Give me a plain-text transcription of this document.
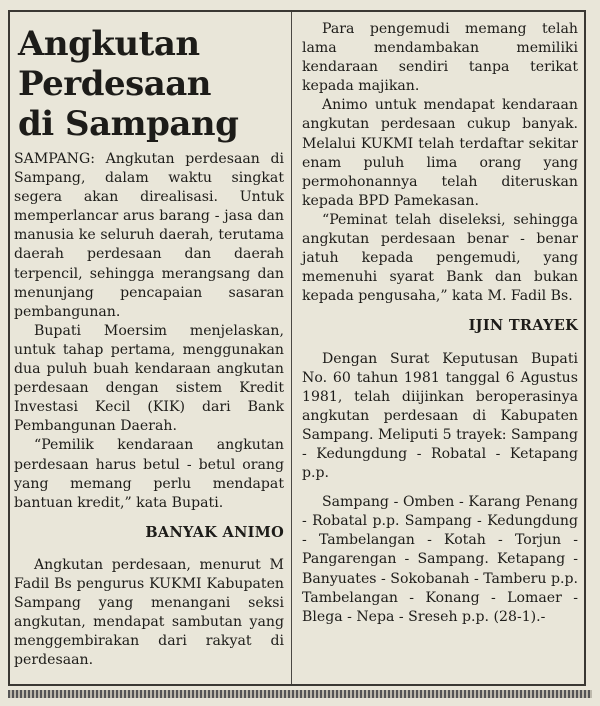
Angkutan
Perdesaan
di Sampang

SAMPANG: Angkutan perdesaan di Sampang, dalam waktu singkat segera akan direalisasi. Untuk memperlancar arus barang - jasa dan manusia ke seluruh daerah, terutama daerah perdesaan dan daerah terpencil, sehingga merangsang dan menunjang pencapaian sasaran pembangunan.

Bupati Moersim menjelaskan, untuk tahap pertama, menggunakan dua puluh buah kendaraan angkutan perdesaan dengan sistem Kredit Investasi Kecil (KIK) dari Bank Pembangunan Daerah.

“Pemilik kendaraan angkutan perdesaan harus betul - betul orang yang memang perlu mendapat bantuan kredit,” kata Bupati.

BANYAK ANIMO

Angkutan perdesaan, menurut M Fadil Bs pengurus KUKMI Kabupaten Sampang yang menangani seksi angkutan, mendapat sambutan yang menggembirakan dari rakyat di perdesaan.

Para pengemudi memang telah lama mendambakan memiliki kendaraan sendiri tanpa terikat kepada majikan.

Animo untuk mendapat kendaraan angkutan perdesaan cukup banyak. Melalui KUKMI telah terdaftar sekitar enam puluh lima orang yang permohonannya telah diteruskan kepada BPD Pamekasan.

“Peminat telah diseleksi, sehingga angkutan perdesaan benar - benar jatuh kepada pengemudi, yang memenuhi syarat Bank dan bukan kepada pengusaha,” kata M. Fadil Bs.

IJIN TRAYEK

Dengan Surat Keputusan Bupati No. 60 tahun 1981 tanggal 6 Agustus 1981, telah diijinkan beroperasinya angkutan perdesaan di Kabupaten Sampang. Meliputi 5 trayek: Sampang - Kedungdung - Robatal - Ketapang p.p.

Sampang - Omben - Karang Penang - Robatal p.p. Sampang - Kedungdung - Tambelangan - Kotah - Torjun - Pangarengan - Sampang. Ketapang - Banyuates - Sokobanah - Tamberu p.p. Tambelangan - Konang - Lomaer - Blega - Nepa - Sreseh p.p. (28-1).-
